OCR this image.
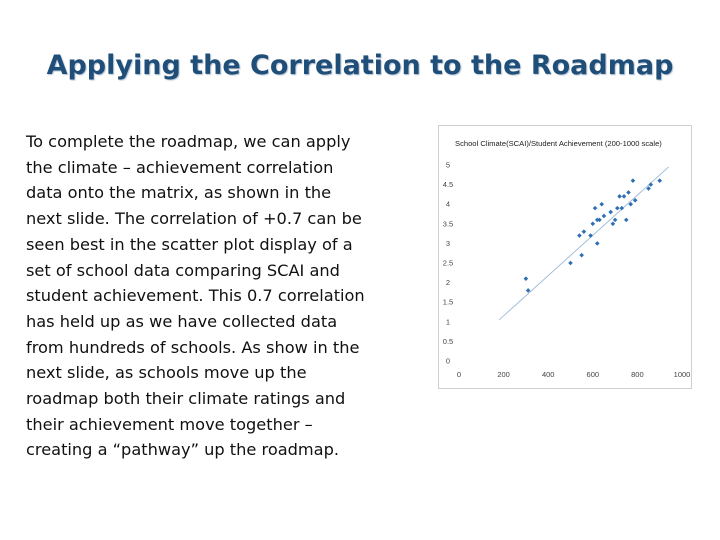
Applying the Correlation to the Roadmap
To complete the roadmap, we can apply
the climate – achievement correlation
data onto the matrix, as shown in the
next slide. The correlation of +0.7 can be
seen best in the scatter plot display of a
set of school data comparing SCAI and
student achievement. This 0.7 correlation
has held up as we have collected data
from hundreds of schools. As show in the
next slide, as schools move up the
roadmap both their climate ratings and
their achievement move together –
creating a “pathway” up the roadmap.
School Climate(SCAI)/Student Achievement (200-1000 scale)
0
0.5
1
1.5
2
2.5
3
3.5
4
4.5
5
0	200	400	600	800	1000
